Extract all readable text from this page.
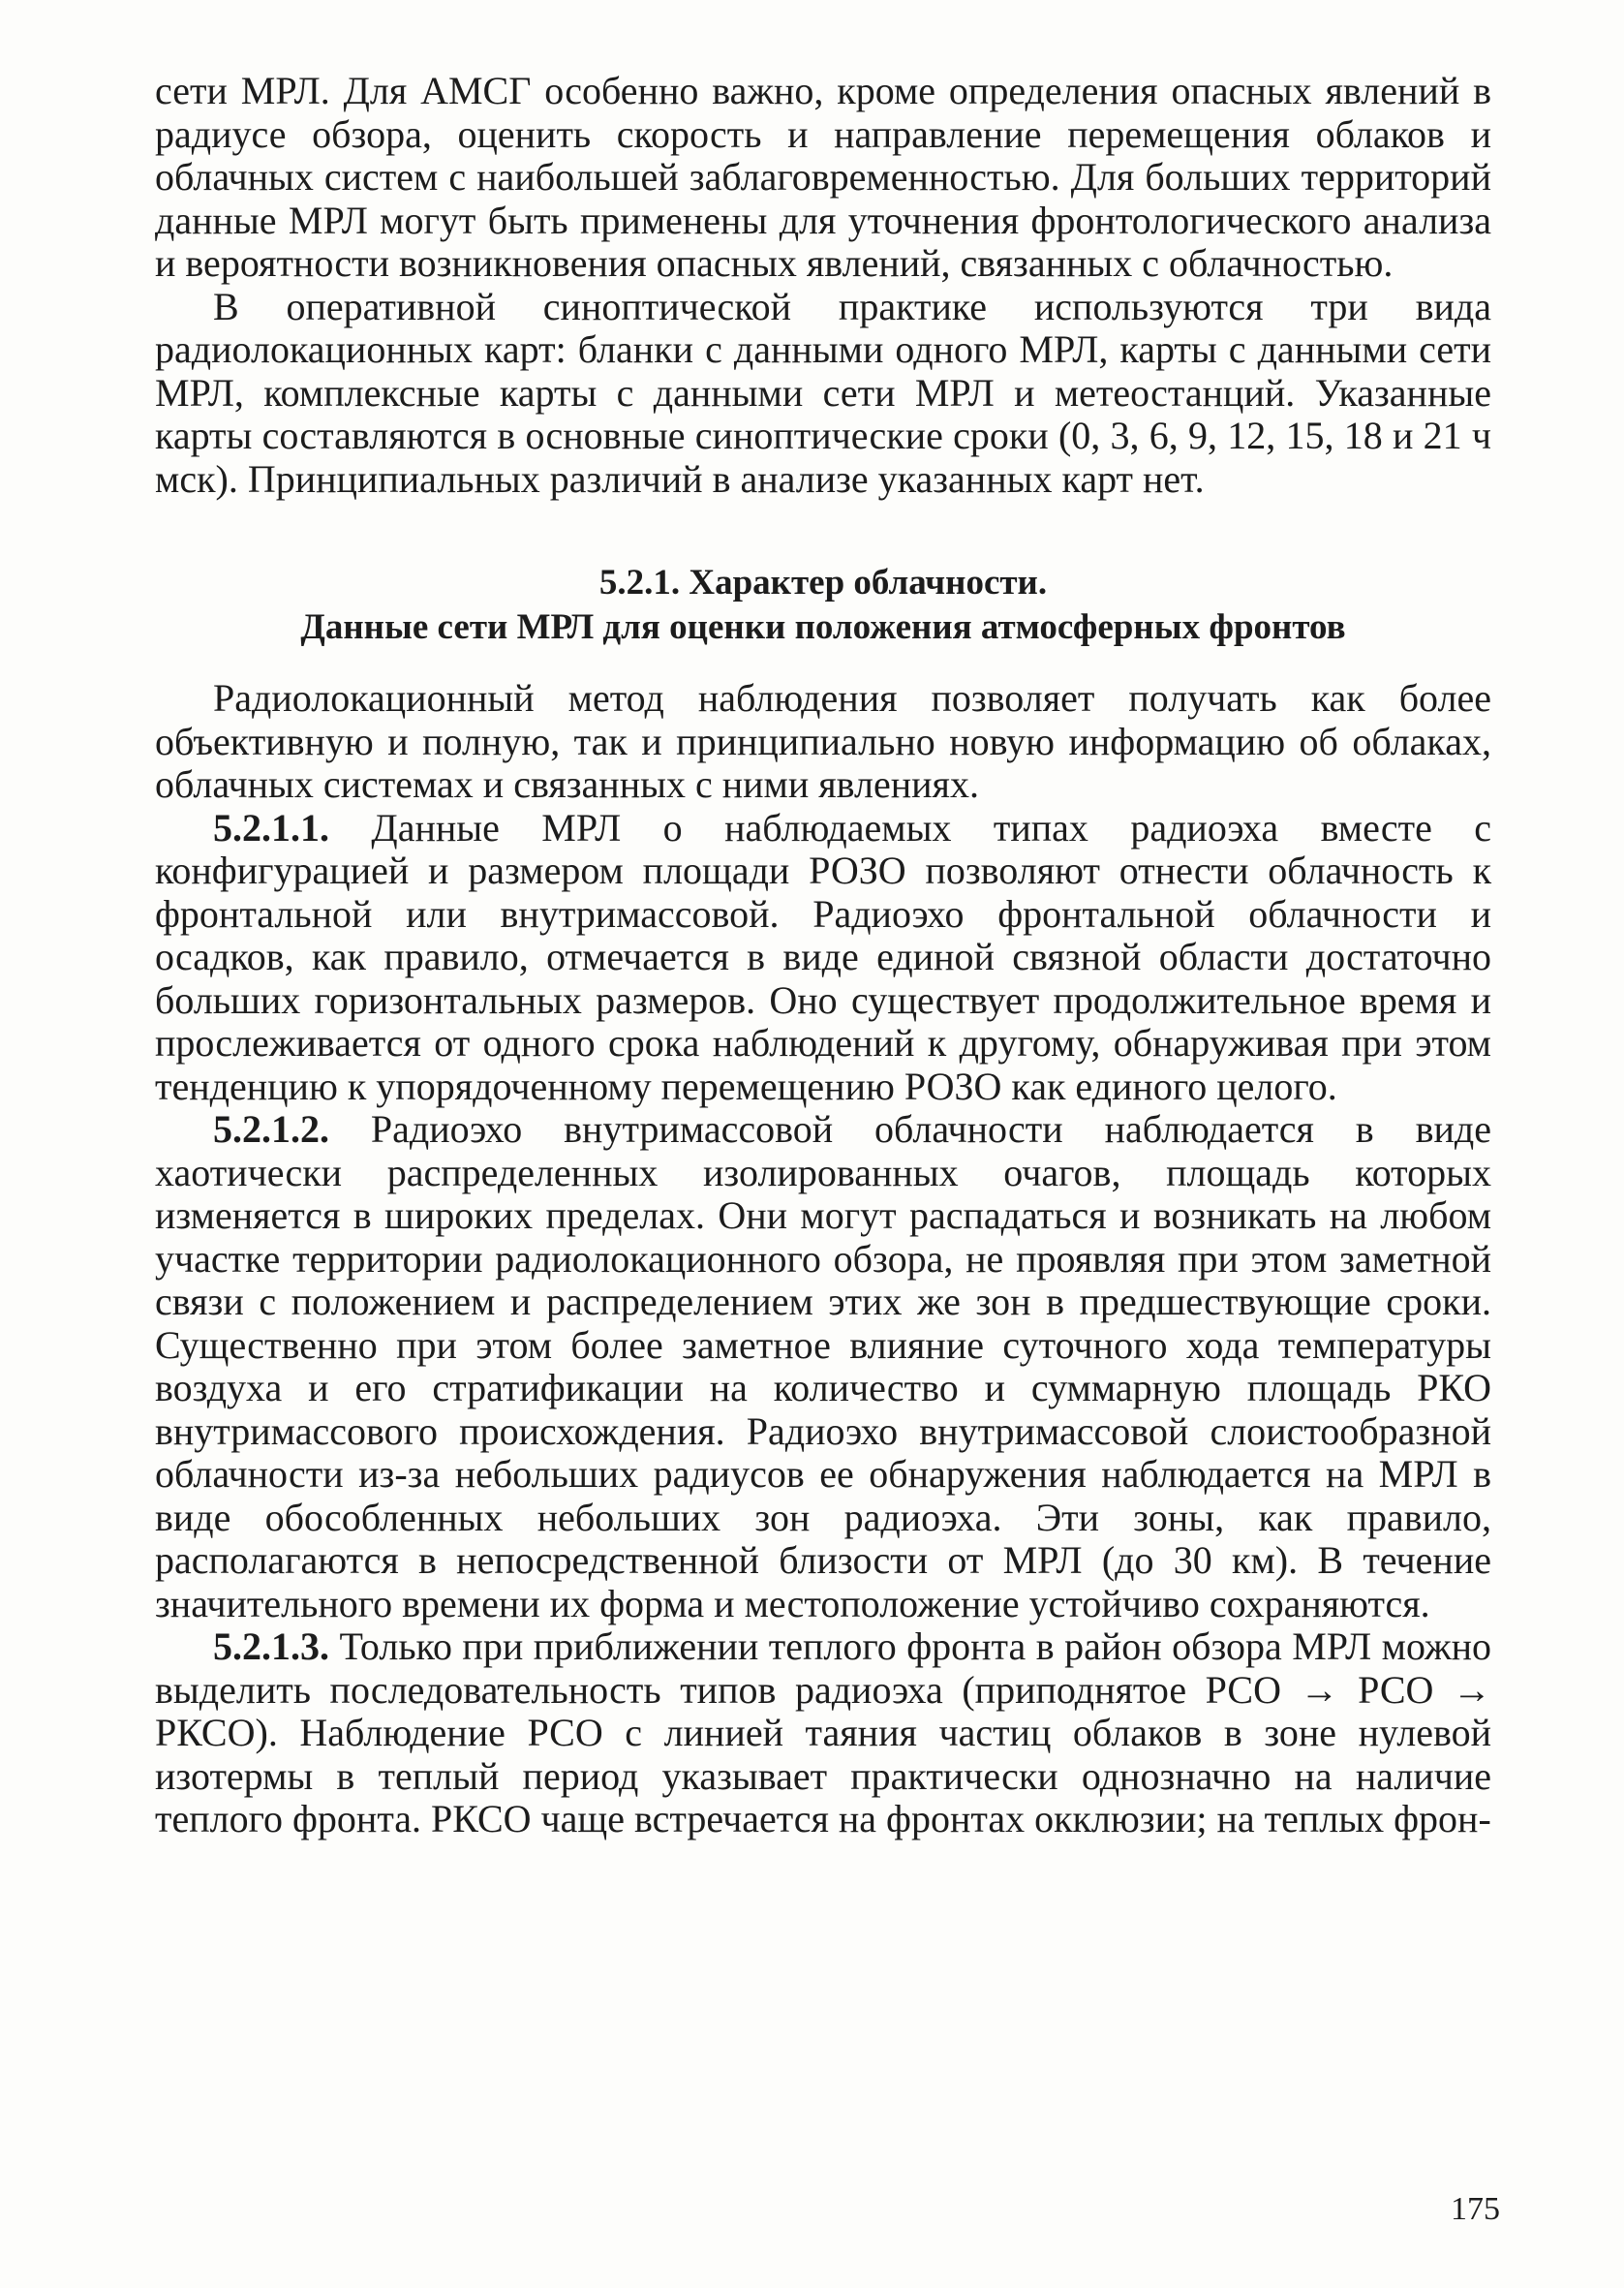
сети МРЛ. Для АМСГ особенно важно, кроме определения опасных явлений в радиусе обзора, оценить скорость и направление перемещения облаков и облачных систем с наибольшей заблаговременностью. Для больших территорий данные МРЛ могут быть применены для уточнения фронтологического анализа и вероятности возникновения опасных явлений, связанных с облачностью.

В оперативной синоптической практике используются три вида радиолокационных карт: бланки с данными одного МРЛ, карты с данными сети МРЛ, комплексные карты с данными сети МРЛ и метеостанций. Указанные карты составляются в основные синоптические сроки (0, 3, 6, 9, 12, 15, 18 и 21 ч мск). Принципиальных различий в анализе указанных карт нет.

5.2.1. Характер облачности.
Данные сети МРЛ для оценки положения атмосферных фронтов

Радиолокационный метод наблюдения позволяет получать как более объективную и полную, так и принципиально новую информацию об облаках, облачных системах и связанных с ними явлениях.

5.2.1.1. Данные МРЛ о наблюдаемых типах радиоэха вместе с конфигурацией и размером площади РОЗО позволяют отнести облачность к фронтальной или внутримассовой. Радиоэхо фронтальной облачности и осадков, как правило, отмечается в виде единой связной области достаточно больших горизонтальных размеров. Оно существует продолжительное время и прослеживается от одного срока наблюдений к другому, обнаруживая при этом тенденцию к упорядоченному перемещению РОЗО как единого целого.

5.2.1.2. Радиоэхо внутримассовой облачности наблюдается в виде хаотически распределенных изолированных очагов, площадь которых изменяется в широких пределах. Они могут распадаться и возникать на любом участке территории радиолокационного обзора, не проявляя при этом заметной связи с положением и распределением этих же зон в предшествующие сроки. Существенно при этом более заметное влияние суточного хода температуры воздуха и его стратификации на количество и суммарную площадь РКО внутримассового происхождения. Радиоэхо внутримассовой слоистообразной облачности из-за небольших радиусов ее обнаружения наблюдается на МРЛ в виде обособленных небольших зон радиоэха. Эти зоны, как правило, располагаются в непосредственной близости от МРЛ (до 30 км). В течение значительного времени их форма и местоположение устойчиво сохраняются.

5.2.1.3. Только при приближении теплого фронта в район обзора МРЛ можно выделить последовательность типов радиоэха (приподнятое РСО → РСО → РКСО). Наблюдение РСО с линией таяния частиц облаков в зоне нулевой изотермы в теплый период указывает практически однозначно на наличие теплого фронта. РКСО чаще встречается на фронтах окклюзии; на теплых фрон-

175
